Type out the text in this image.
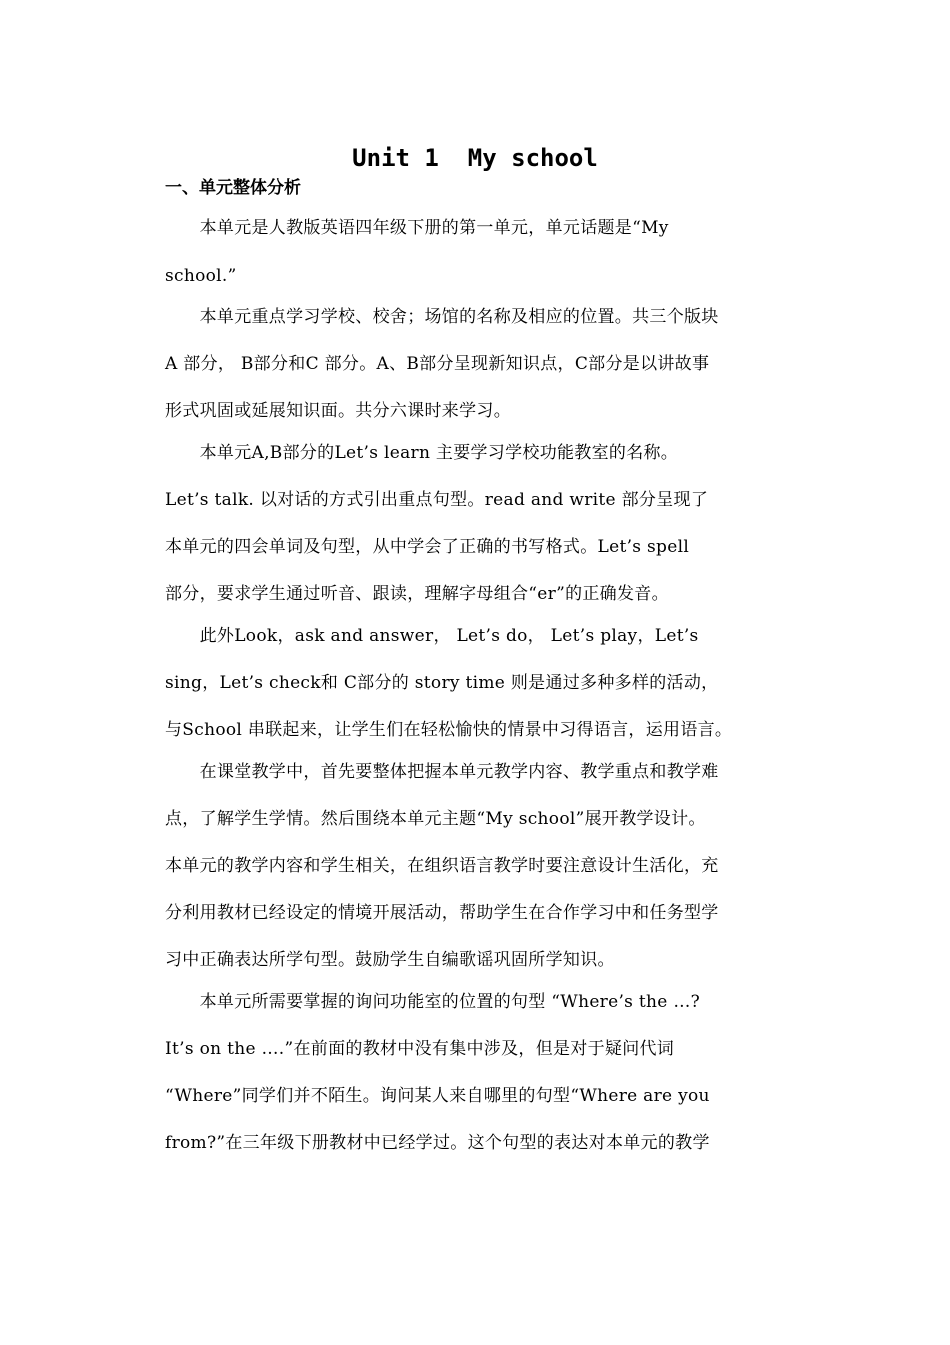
Unit 1  My school
一、单元整体分析
　　本单元是人教版英语四年级下册的第一单元，单元话题是“My
school.”
　　本单元重点学习学校、校舍；场馆的名称及相应的位置。共三个版块
A 部分， B部分和C 部分。A、B部分呈现新知识点，C部分是以讲故事
形式巩固或延展知识面。共分六课时来学习。
　　本单元A,B部分的Let’s learn 主要学习学校功能教室的名称。
Let’s talk. 以对话的方式引出重点句型。read and write 部分呈现了
本单元的四会单词及句型，从中学会了正确的书写格式。Let’s spell
部分，要求学生通过听音、跟读，理解字母组合“er”的正确发音。
　　此外Look，ask and answer， Let’s do， Let’s play，Let’s
sing，Let’s check和 C部分的 story time 则是通过多种多样的活动，
与School 串联起来，让学生们在轻松愉快的情景中习得语言，运用语言。
　　在课堂教学中，首先要整体把握本单元教学内容、教学重点和教学难
点，了解学生学情。然后围绕本单元主题“My school”展开教学设计。
本单元的教学内容和学生相关，在组织语言教学时要注意设计生活化，充
分利用教材已经设定的情境开展活动，帮助学生在合作学习中和任务型学
习中正确表达所学句型。鼓励学生自编歌谣巩固所学知识。
　　本单元所需要掌握的询问功能室的位置的句型 “Where’s the …?
It’s on the ….”在前面的教材中没有集中涉及，但是对于疑问代词
“Where”同学们并不陌生。询问某人来自哪里的句型“Where are you
from?”在三年级下册教材中已经学过。这个句型的表达对本单元的教学
